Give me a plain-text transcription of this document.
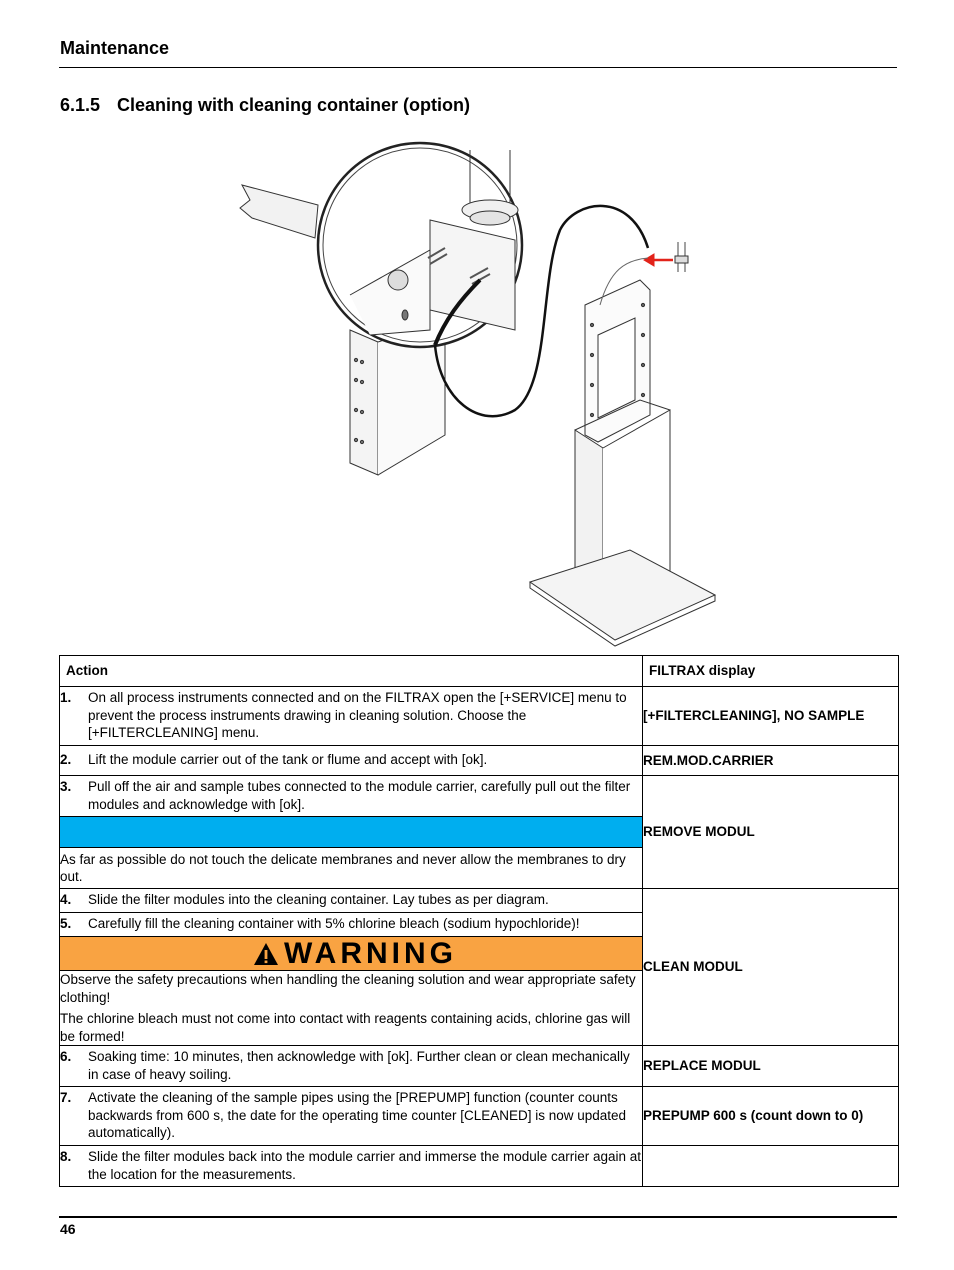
Maintenance
6.1.5 Cleaning with cleaning container (option)
Action	FILTRAX display

1. On all process instruments connected and on the FILTRAX open the [+SERVICE] menu to prevent the process instruments drawing in cleaning solution. Choose the [+FILTERCLEANING] menu.	[+FILTERCLEANING], NO SAMPLE

2. Lift the module carrier out of the tank or flume and accept with [ok].	REM.MOD.CARRIER

3. Pull off the air and sample tubes connected to the module carrier, carefully pull out the filter modules and acknowledge with [ok].	REMOVE MODUL

As far as possible do not touch the delicate membranes and never allow the membranes to dry out.	

4. Slide the filter modules into the cleaning container. Lay tubes as per diagram.	CLEAN MODUL

5. Carefully fill the cleaning container with 5% chlorine bleach (sodium hypochloride)!	

WARNING	

Observe the safety precautions when handling the cleaning solution and wear appropriate safety clothing!

The chlorine bleach must not come into contact with reagents containing acids, chlorine gas will be formed!	

6. Soaking time: 10 minutes, then acknowledge with [ok]. Further clean or clean mechanically in case of heavy soiling.	REPLACE MODUL

7. Activate the cleaning of the sample pipes using the [PREPUMP] function (counter counts backwards from 600 s, the date for the operating time counter [CLEANED] is now updated automatically).	PREPUMP 600 s (count down to 0)

8. Slide the filter modules back into the module carrier and immerse the module carrier again at the location for the measurements.	

46
